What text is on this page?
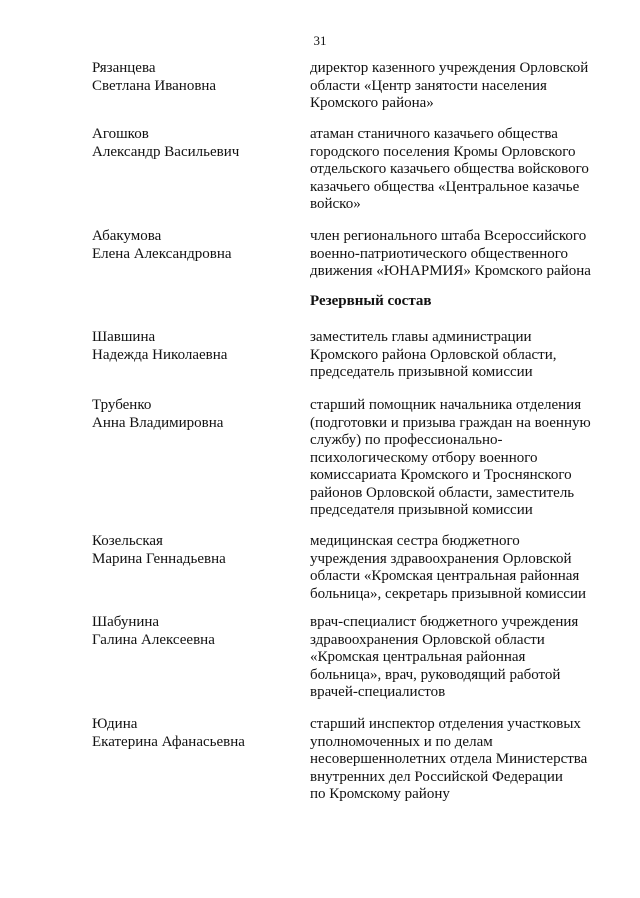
31
Рязанцева
Светлана Ивановна
директор казенного учреждения Орловской
области «Центр занятости населения
Кромского района»
Агошков
Александр Васильевич
атаман станичного казачьего общества
городского поселения Кромы Орловского
отдельского казачьего общества войскового
казачьего общества «Центральное казачье
войско»
Абакумова
Елена Александровна
член регионального штаба Всероссийского
военно-патриотического общественного
движения «ЮНАРМИЯ» Кромского района
Резервный состав
Шавшина
Надежда Николаевна
заместитель главы администрации
Кромского района Орловской области,
председатель призывной комиссии
Трубенко
Анна Владимировна
старший помощник начальника отделения
(подготовки и призыва граждан на военную
службу) по профессионально-
психологическому отбору военного
комиссариата Кромского и Троснянского
районов Орловской области, заместитель
председателя призывной комиссии
Козельская
Марина Геннадьевна
медицинская сестра бюджетного
учреждения здравоохранения Орловской
области «Кромская центральная районная
больница», секретарь призывной комиссии
Шабунина
Галина Алексеевна
врач-специалист бюджетного учреждения
здравоохранения Орловской области
«Кромская центральная районная
больница», врач, руководящий работой
врачей-специалистов
Юдина
Екатерина Афанасьевна
старший инспектор отделения участковых
уполномоченных и по делам
несовершеннолетних отдела Министерства
внутренних дел Российской Федерации
по Кромскому району
